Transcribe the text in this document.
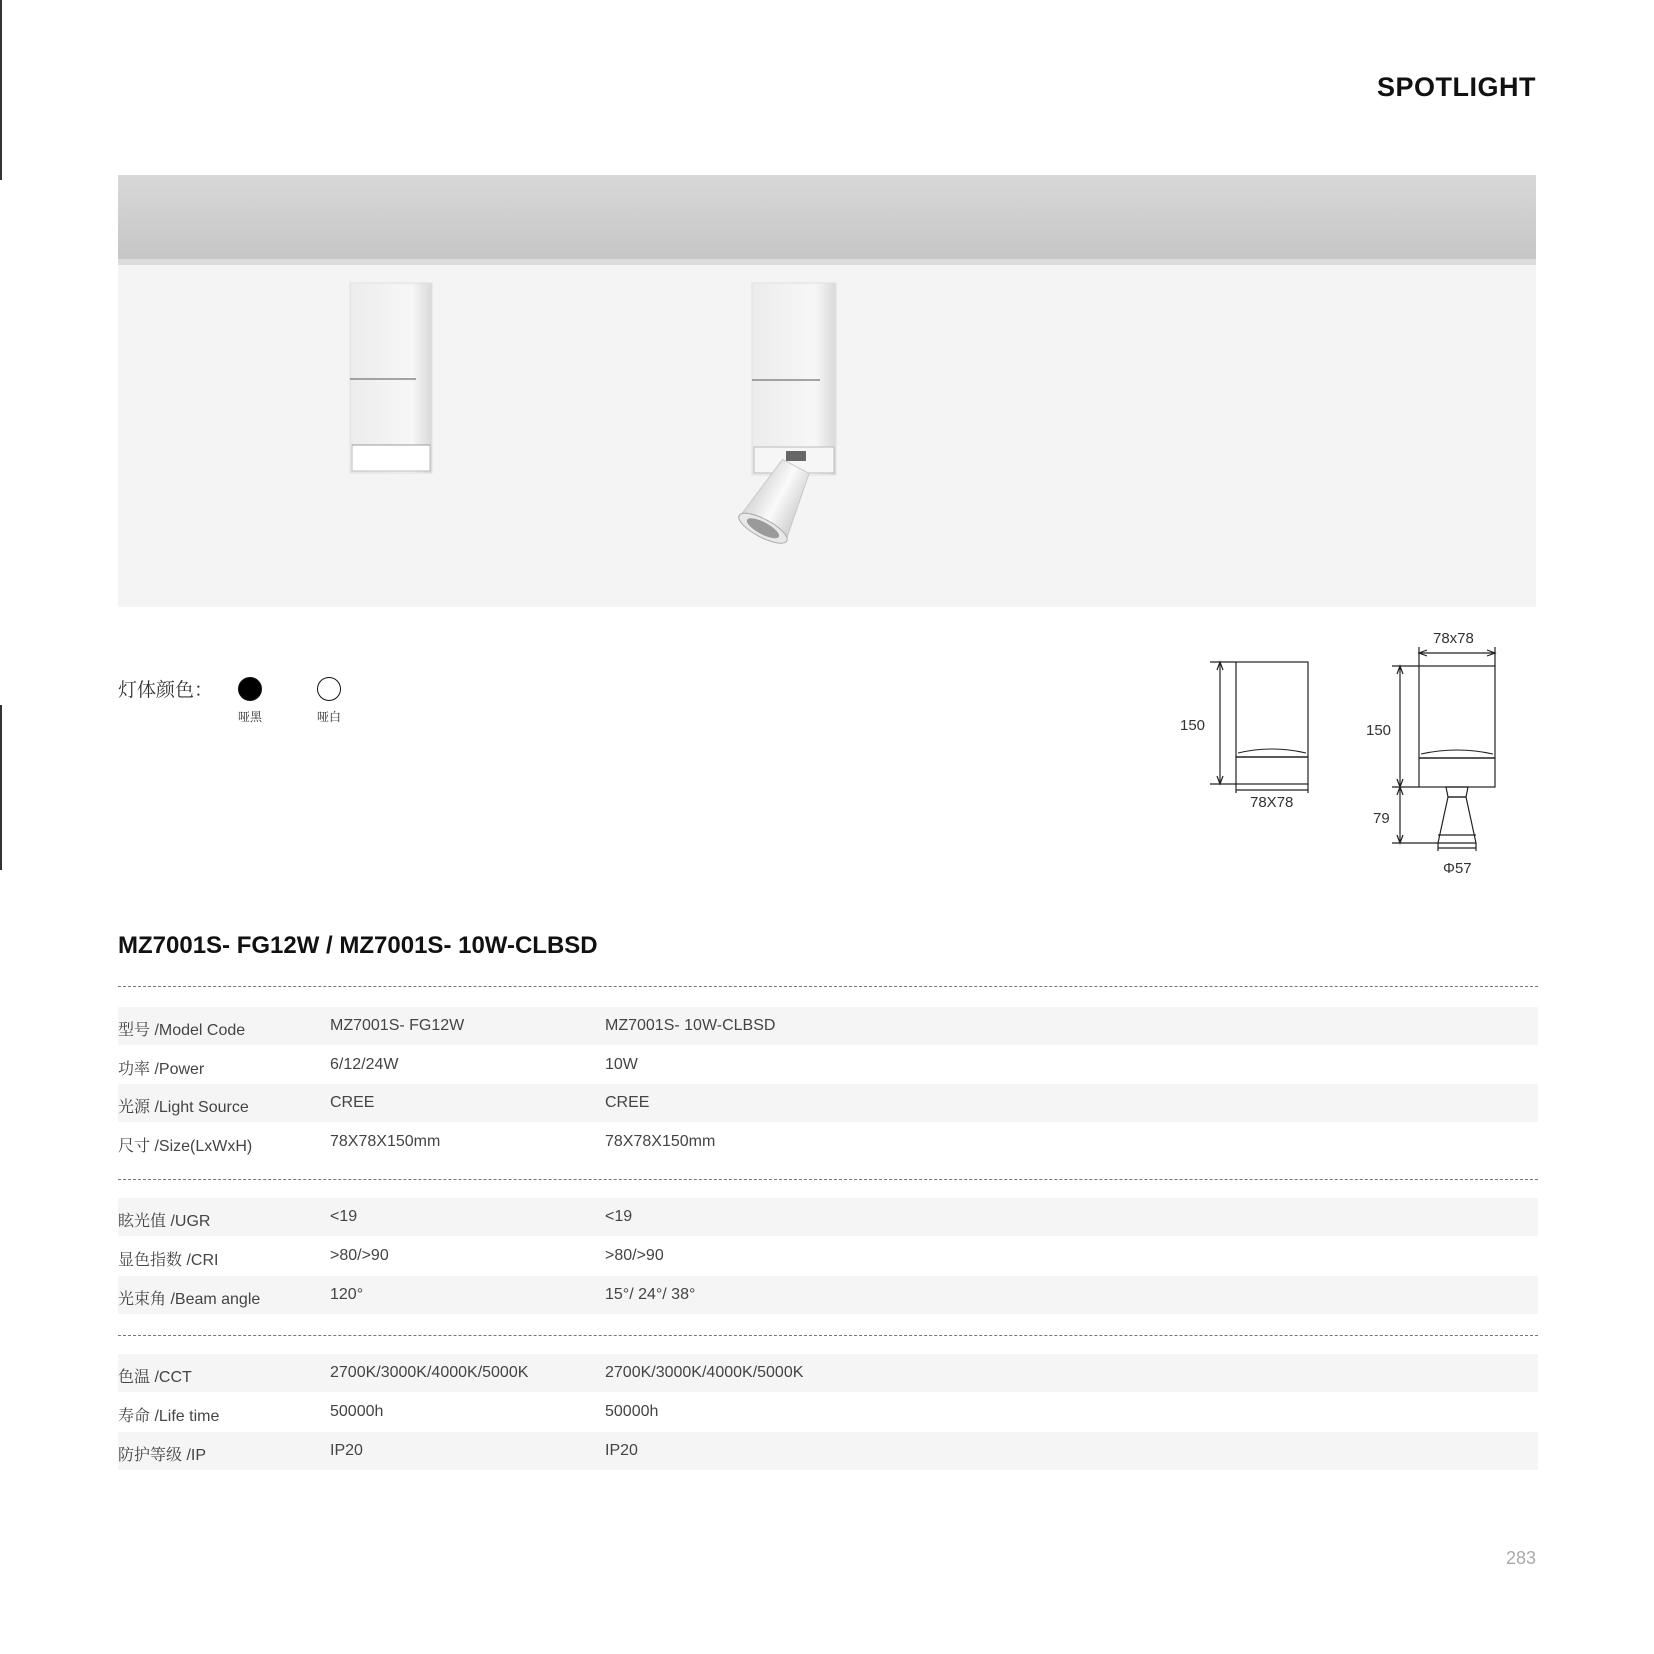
SPOTLIGHT
灯体颜色：
哑黑	哑白	150
78X78
78x78
150
79
Φ57
MZ7001S- FG12W / MZ7001S- 10W-CLBSD
型号 /Model Code	MZ7001S- FG12W	MZ7001S- 10W-CLBSD
功率 /Power	6/12/24W	10W
光源 /Light Source	CREE	CREE
尺寸 /Size(LxWxH)	78X78X150mm	78X78X150mm
眩光值 /UGR	<19	<19
显色指数 /CRI	>80/>90	>80/>90
光束角 /Beam angle	120°	15°/ 24°/ 38°
色温 /CCT	2700K/3000K/4000K/5000K	2700K/3000K/4000K/5000K
寿命 /Life time	50000h	50000h
防护等级 /IP	IP20	IP20
283
